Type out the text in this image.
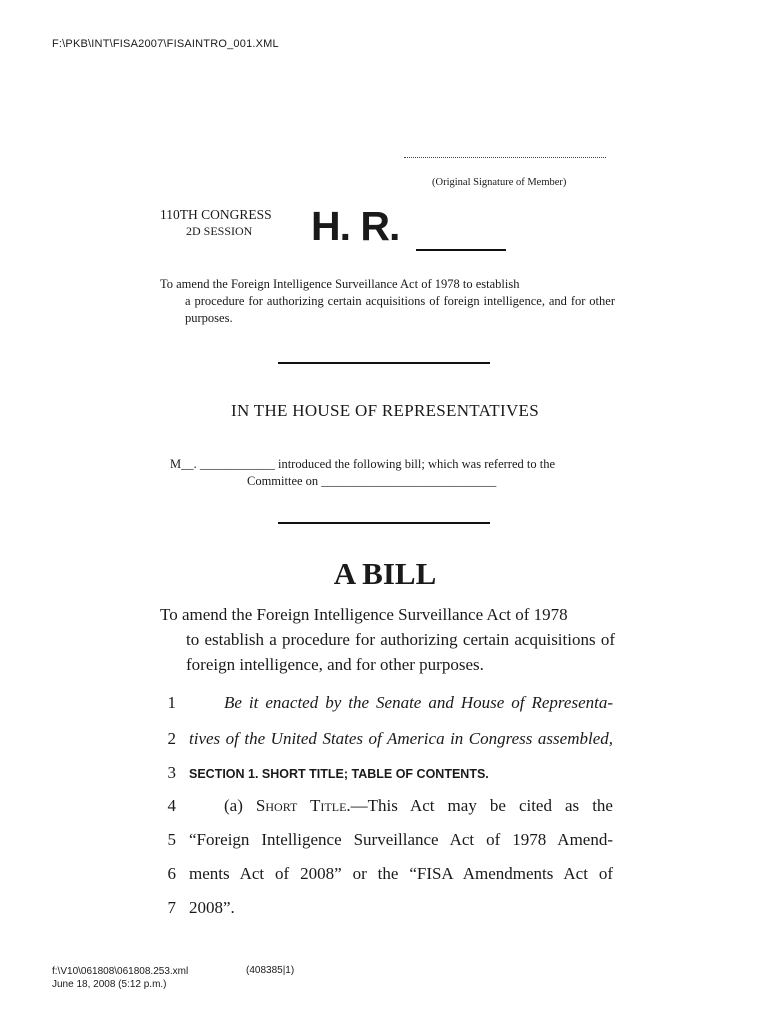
F:\PKB\INT\FISA2007\FISAINTRO_001.XML
(Original Signature of Member)
110TH CONGRESS
2D SESSION H. R.
To amend the Foreign Intelligence Surveillance Act of 1978 to establish
a procedure for authorizing certain acquisitions of foreign intelligence, and for other purposes.
IN THE HOUSE OF REPRESENTATIVES
M__. ____________ introduced the following bill; which was referred to the
Committee on ____________________________
A BILL
To amend the Foreign Intelligence Surveillance Act of 1978
to establish a procedure for authorizing certain acquisitions of foreign intelligence, and for other purposes.
1	Be it enacted by the Senate and House of Representa-
2 tives of the United States of America in Congress assembled,
3 SECTION 1. SHORT TITLE; TABLE OF CONTENTS.
4	(a) Short Title.—This Act may be cited as the
5 “Foreign Intelligence Surveillance Act of 1978 Amend-
6 ments Act of 2008” or the “FISA Amendments Act of
7 2008”.
f:\V10\061808\061808.253.xml
June 18, 2008 (5:12 p.m.)
(408385|1)
